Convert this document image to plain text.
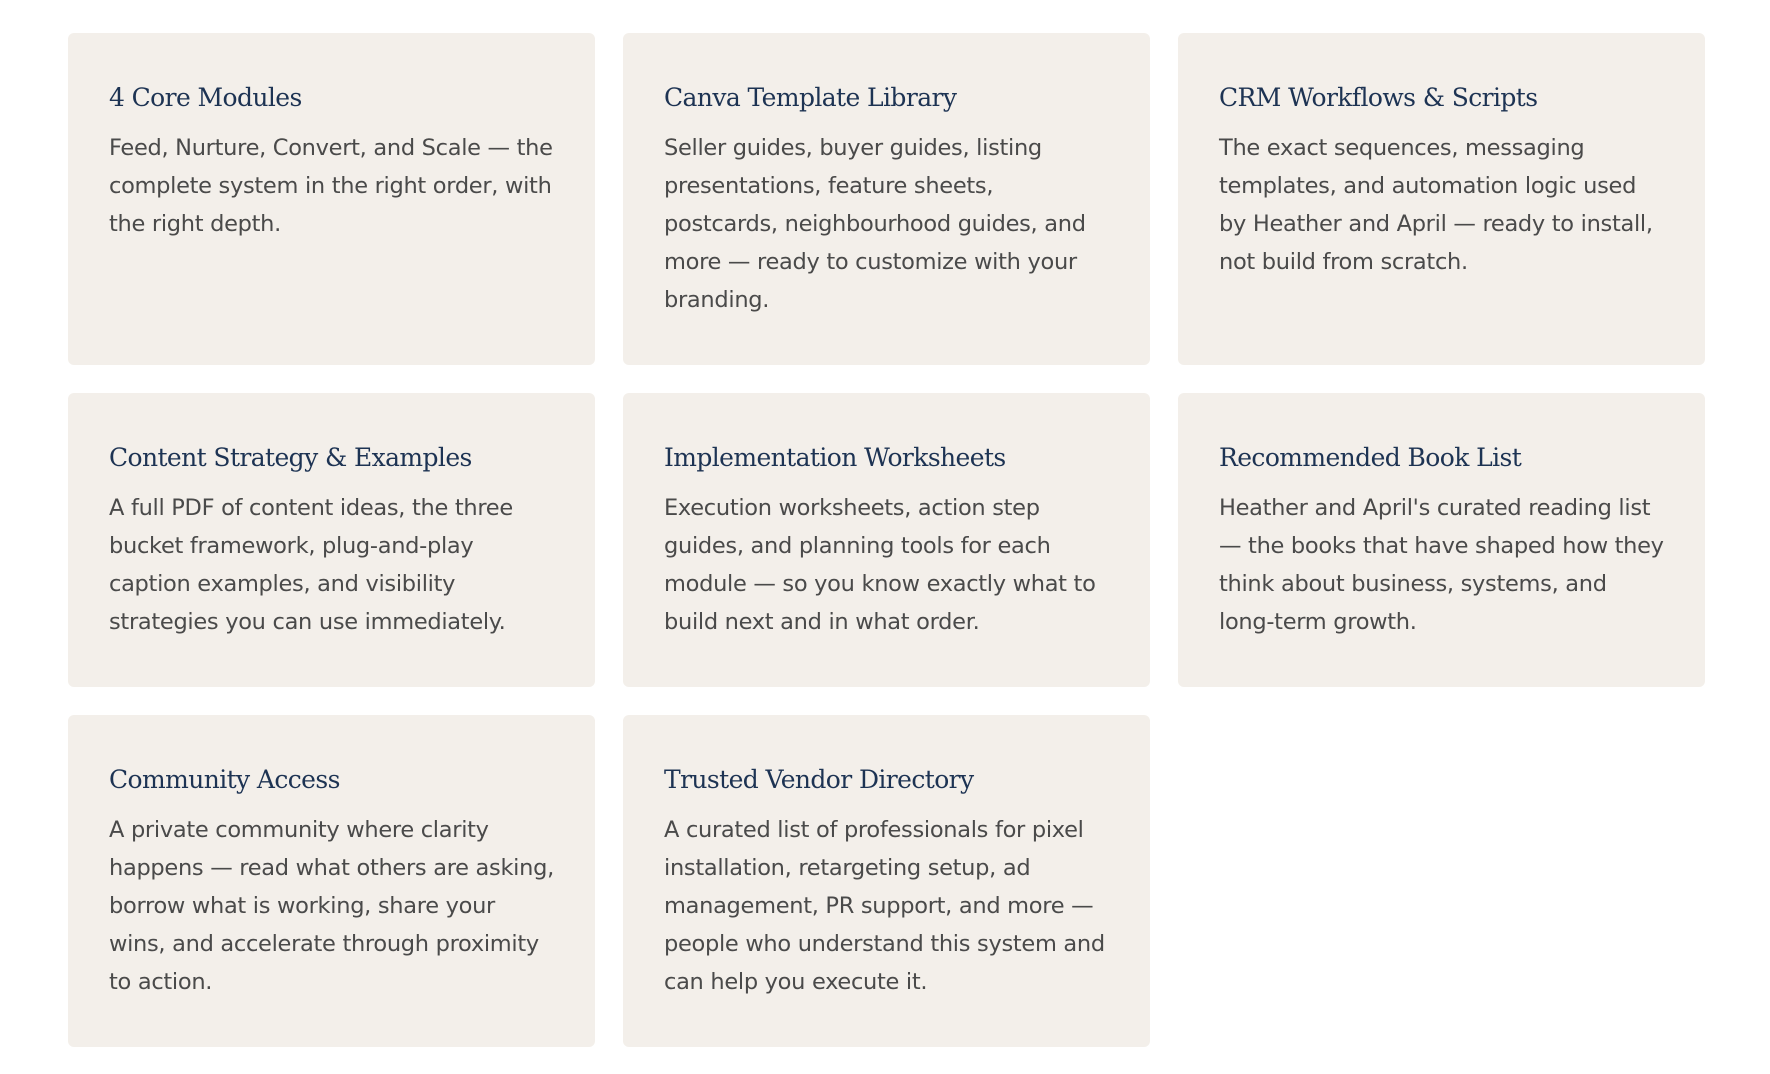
4 Core Modules

Feed, Nurture, Convert, and Scale — the complete system in the right order, with the right depth.

Canva Template Library

Seller guides, buyer guides, listing presentations, feature sheets, postcards, neighbourhood guides, and more — ready to customize with your branding.

CRM Workflows & Scripts

The exact sequences, messaging templates, and automation logic used by Heather and April — ready to install, not build from scratch.

Content Strategy & Examples

A full PDF of content ideas, the three bucket framework, plug-and-play caption examples, and visibility strategies you can use immediately.

Implementation Worksheets

Execution worksheets, action step guides, and planning tools for each module — so you know exactly what to build next and in what order.

Recommended Book List

Heather and April's curated reading list — the books that have shaped how they think about business, systems, and long-term growth.

Community Access

A private community where clarity happens — read what others are asking, borrow what is working, share your wins, and accelerate through proximity to action.

Trusted Vendor Directory

A curated list of professionals for pixel installation, retargeting setup, ad management, PR support, and more — people who understand this system and can help you execute it.
